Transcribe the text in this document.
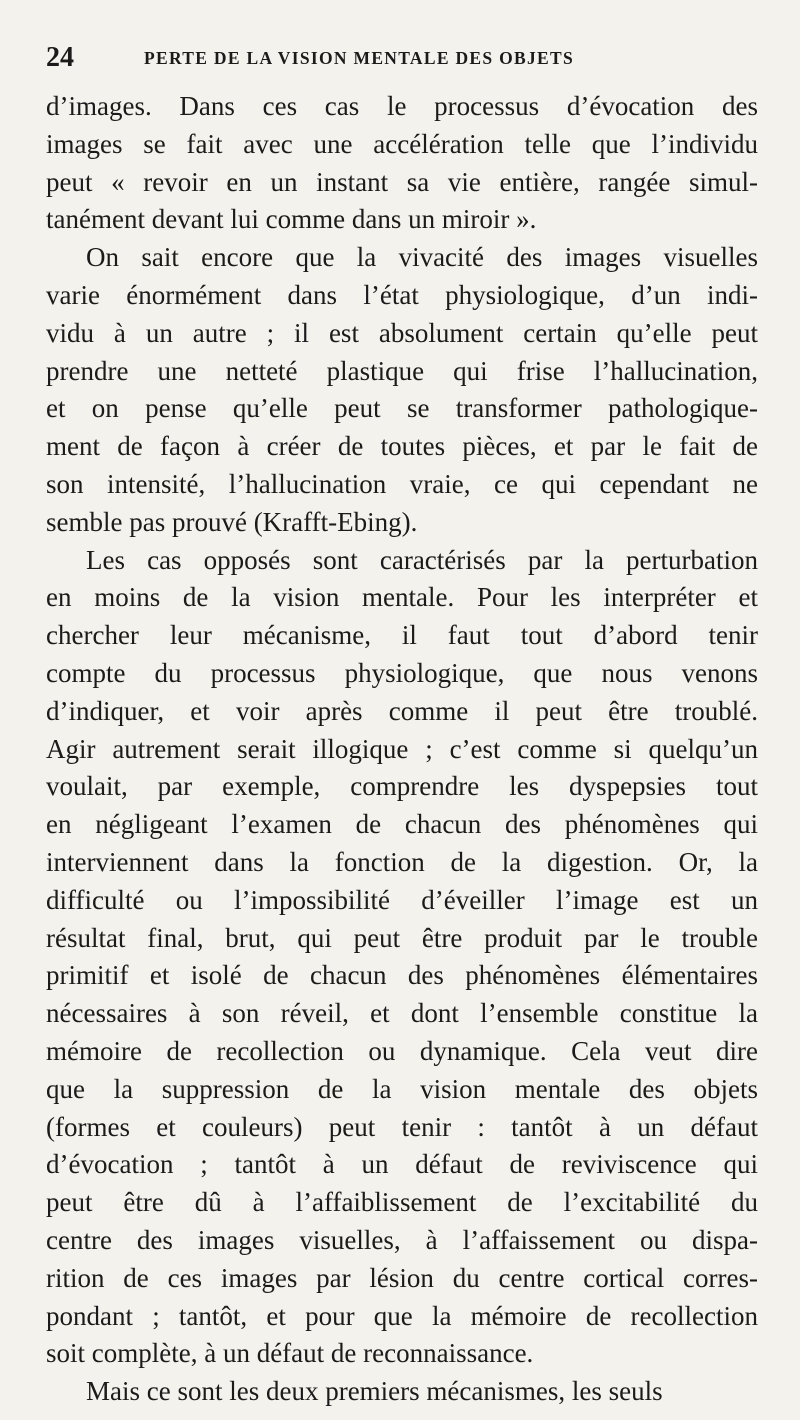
24	PERTE DE LA VISION MENTALE DES OBJETS
d’images. Dans ces cas le processus d’évocation des
images se fait avec une accélération telle que l’individu
peut « revoir en un instant sa vie entière, rangée simul-
tanément devant lui comme dans un miroir ».
On sait encore que la vivacité des images visuelles
varie énormément dans l’état physiologique, d’un indi-
vidu à un autre ; il est absolument certain qu’elle peut
prendre une netteté plastique qui frise l’hallucination,
et on pense qu’elle peut se transformer pathologique-
ment de façon à créer de toutes pièces, et par le fait de
son intensité, l’hallucination vraie, ce qui cependant ne
semble pas prouvé (Krafft-Ebing).
Les cas opposés sont caractérisés par la perturbation
en moins de la vision mentale. Pour les interpréter et
chercher leur mécanisme, il faut tout d’abord tenir
compte du processus physiologique, que nous venons
d’indiquer, et voir après comme il peut être troublé.
Agir autrement serait illogique ; c’est comme si quelqu’un
voulait, par exemple, comprendre les dyspepsies tout
en négligeant l’examen de chacun des phénomènes qui
interviennent dans la fonction de la digestion. Or, la
difficulté ou l’impossibilité d’éveiller l’image est un
résultat final, brut, qui peut être produit par le trouble
primitif et isolé de chacun des phénomènes élémentaires
nécessaires à son réveil, et dont l’ensemble constitue la
mémoire de recollection ou dynamique. Cela veut dire
que la suppression de la vision mentale des objets
(formes et couleurs) peut tenir : tantôt à un défaut
d’évocation ; tantôt à un défaut de reviviscence qui
peut être dû à l’affaiblissement de l’excitabilité du
centre des images visuelles, à l’affaissement ou dispa-
rition de ces images par lésion du centre cortical corres-
pondant ; tantôt, et pour que la mémoire de recollection
soit complète, à un défaut de reconnaissance.
Mais ce sont les deux premiers mécanismes, les seuls
